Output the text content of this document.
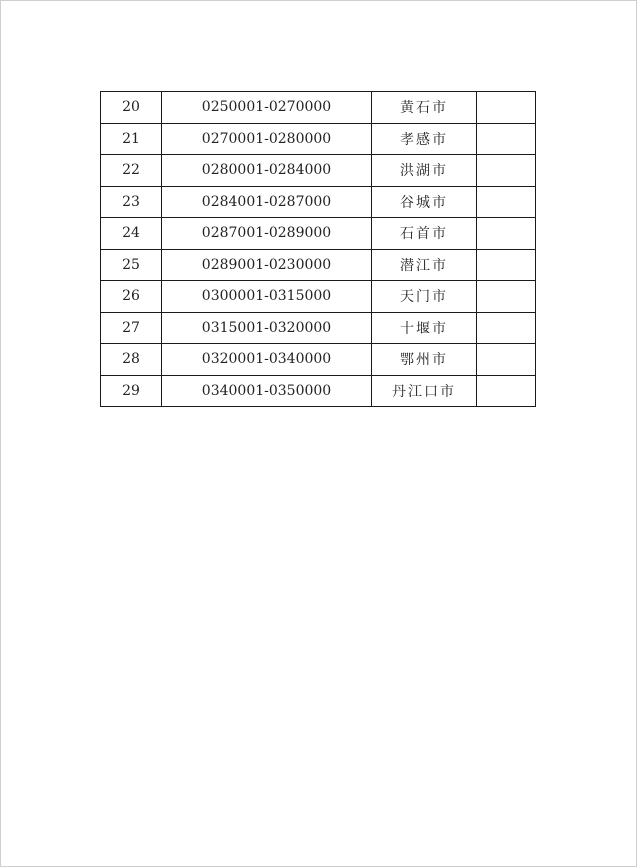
20	0250001-0270000	黄石市	
21	0270001-0280000	孝感市	
22	0280001-0284000	洪湖市	
23	0284001-0287000	谷城市	
24	0287001-0289000	石首市	
25	0289001-0230000	潜江市	
26	0300001-0315000	天门市	
27	0315001-0320000	十堰市	
28	0320001-0340000	鄂州市	
29	0340001-0350000	丹江口市	
